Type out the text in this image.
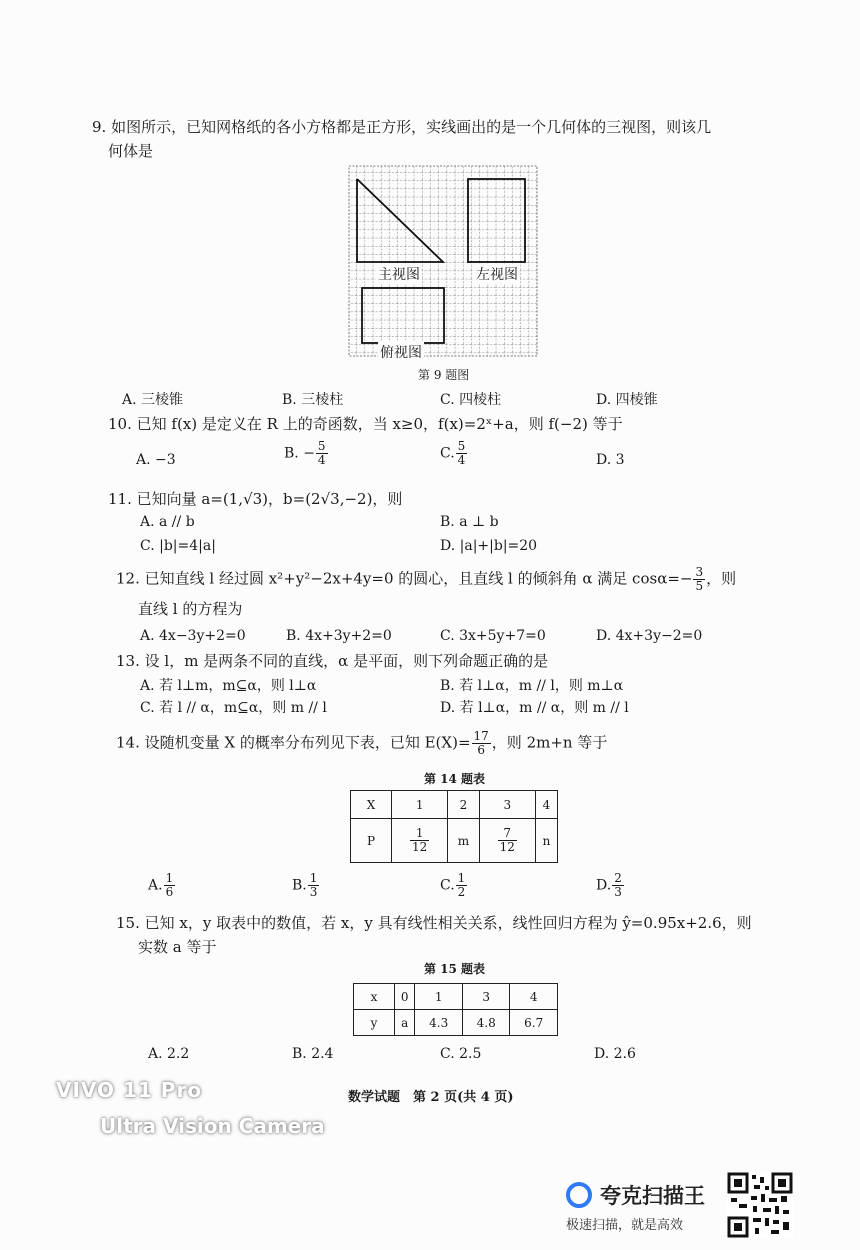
9. 如图所示，已知网格纸的各小方格都是正方形，实线画出的是一个几何体的三视图，则该几
何体是
主视图	左视图
俯视图
第 9 题图
A. 三棱锥	B. 三棱柱	C. 四棱柱	D. 四棱锥
10. 已知 f(x) 是定义在 R 上的奇函数，当 x≥0，f(x)=2ˣ+a，则 f(−2) 等于
A. −3	B. − $\frac{5}{4}$	C. $\frac{5}{4}$	D. 3
11. 已知向量 a=(1,√3)，b=(2√3,−2)，则
A. a // b	B. a ⊥ b
C. |b|=4|a|	D. |a|+|b|=20
12. 已知直线 l 经过圆 x²+y²−2x+4y=0 的圆心，且直线 l 的倾斜角 α 满足 $\cos\alpha=- \frac{3}{5}$ ，则
直线 l 的方程为
A. 4x−3y+2=0	B. 4x+3y+2=0	C. 3x+5y+7=0	D. 4x+3y−2=0
13. 设 l，m 是两条不同的直线，α 是平面，则下列命题正确的是
A. 若 l⊥m，m⊆α，则 l⊥α	B. 若 l⊥α，m // l，则 m⊥α
C. 若 l // α，m⊆α，则 m // l	D. 若 l⊥α，m // α，则 m // l
14. 设随机变量 X 的概率分布列见下表，已知 $E(X)= \frac{17}{6}$ ，则 2m+n 等于
第 14 题表
X	1	2	3	4
P	$\frac{1}{12}$	m	$\frac{7}{12}$	n
A. $\frac{1}{6}$	B. $\frac{1}{3}$	C. $\frac{1}{2}$	D. $\frac{2}{3}$
15. 已知 x，y 取表中的数值，若 x，y 具有线性相关关系，线性回归方程为 ŷ=0.95x+2.6，则
实数 a 等于
第 15 题表
x	0	1	3	4
y	a	4.3	4.8	6.7
A. 2.2	B. 2.4	C. 2.5	D. 2.6
数学试题　第 2 页(共 4 页)
VIVO 11 Pro
Ultra Vision Camera
夸克扫描王
极速扫描，就是高效
